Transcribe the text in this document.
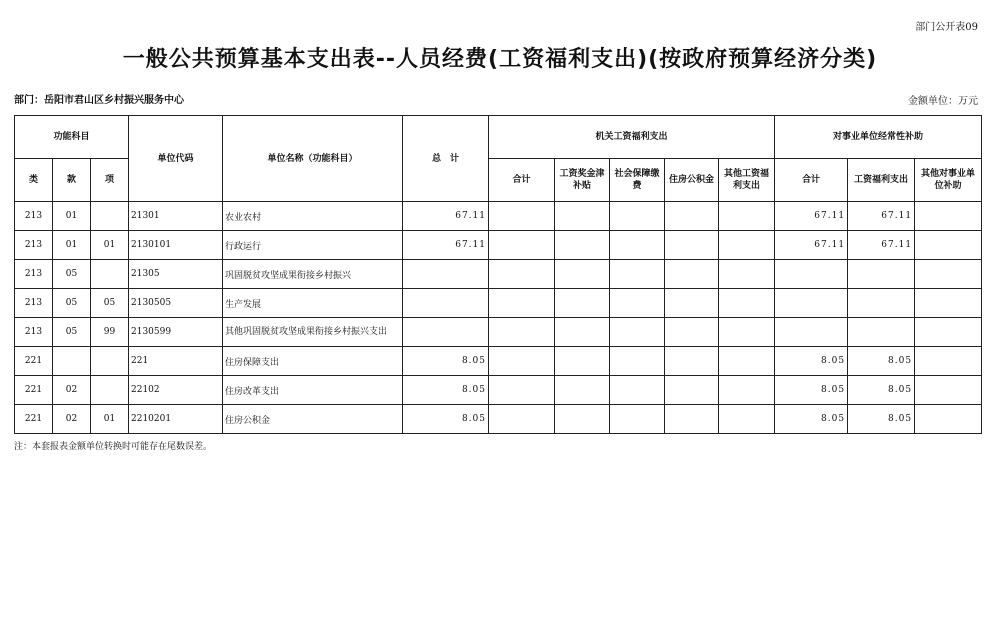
部门公开表09
一般公共预算基本支出表--人员经费(工资福利支出)(按政府预算经济分类)
部门：岳阳市君山区乡村振兴服务中心	金额单位：万元
功能科目			单位代码	单位名称（功能科目）	总　计	机关工资福利支出					对事业单位经常性补助		
类	款	项				合计	工资奖金津补贴	社会保障缴费	住房公积金	其他工资福利支出	合计	工资福利支出	其他对事业单位补助
213	01		21301	农业农村	67.11						67.11	67.11	
213	01	01	2130101	行政运行	67.11						67.11	67.11	
213	05		21305	巩固脱贫攻坚成果衔接乡村振兴									
213	05	05	2130505	生产发展									
213	05	99	2130599	其他巩固脱贫攻坚成果衔接乡村振兴支出									
221			221	住房保障支出	8.05						8.05	8.05	
221	02		22102	住房改革支出	8.05						8.05	8.05	
221	02	01	2210201	住房公积金	8.05						8.05	8.05	
注：本套报表金额单位转换时可能存在尾数误差。
